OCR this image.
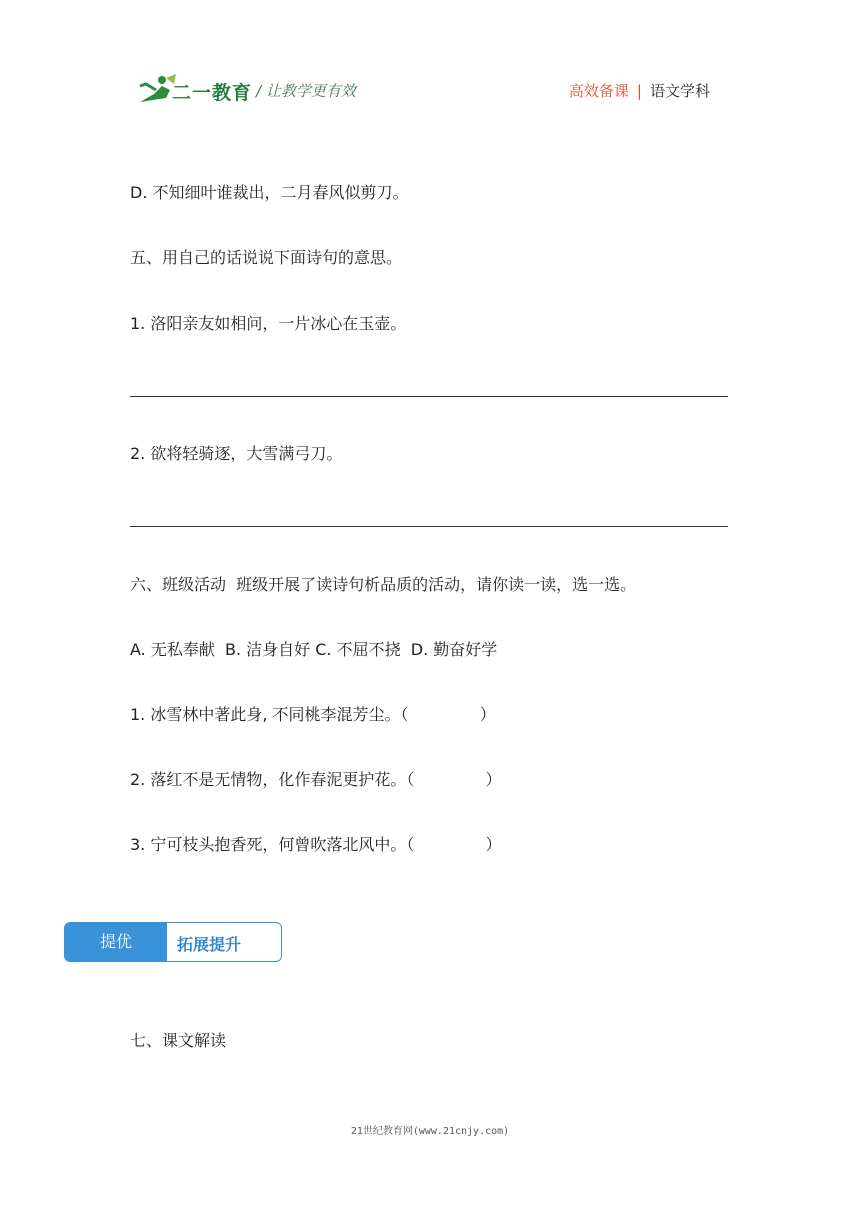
二一教育 / 让教学更有效	高效备课 | 语文学科
D. 不知细叶谁裁出，二月春风似剪刀。
五、用自己的话说说下面诗句的意思。
1. 洛阳亲友如相问，一片冰心在玉壶。
2. 欲将轻骑逐，大雪满弓刀。
六、班级活动  班级开展了读诗句析品质的活动，请你读一读，选一选。
A. 无私奉献  B. 洁身自好 C. 不屈不挠  D. 勤奋好学
1. 冰雪林中著此身, 不同桃李混芳尘。（              ）
2. 落红不是无情物，化作春泥更护花。（              ）
3. 宁可枝头抱香死，何曾吹落北风中。（              ）
提优	拓展提升
七、课文解读
21世纪教育网(www.21cnjy.com)
